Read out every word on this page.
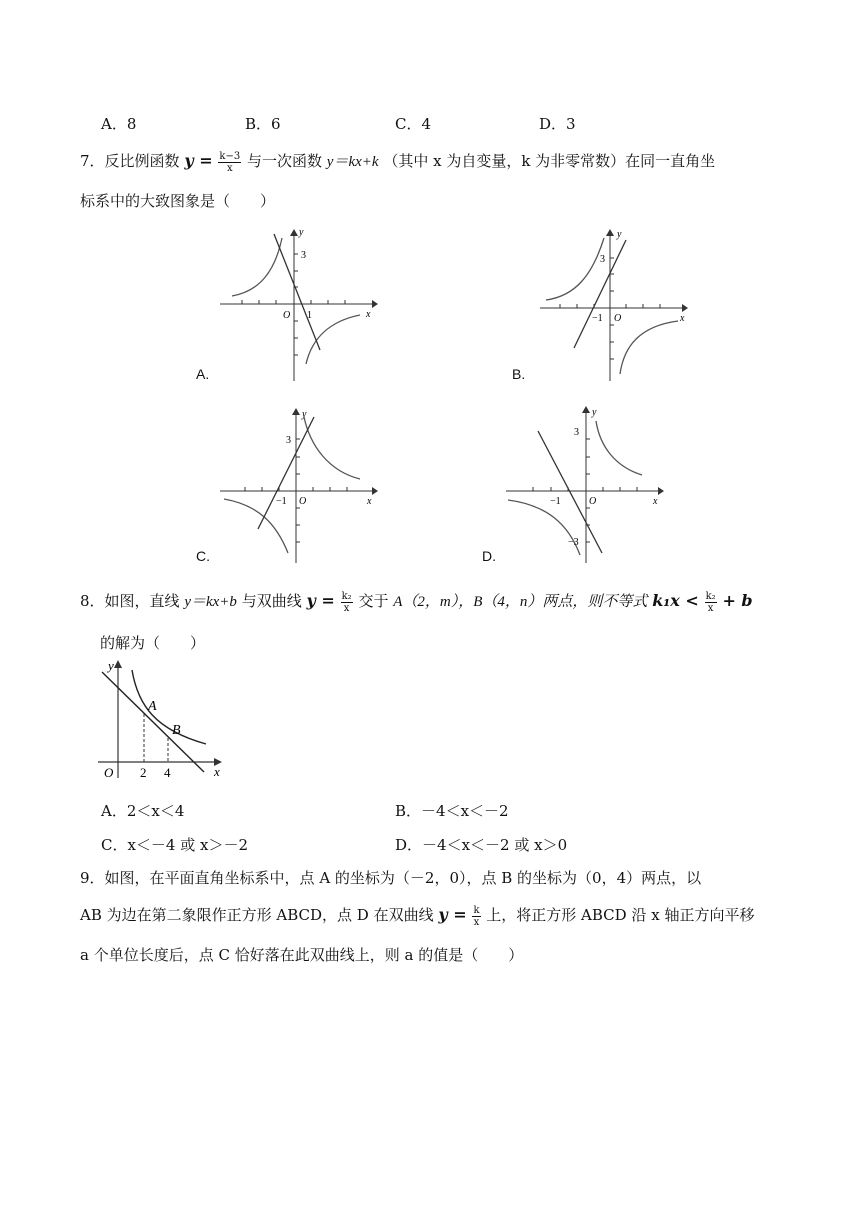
A．8	B．6	C．4	D．3
7．反比例函数 $y = \frac{k-3}{x}$ 与一次函数 y＝kx+k （其中 x 为自变量，k 为非零常数）在同一直角坐
标系中的大致图象是（　　）
A.
y
x
O
3
1
B.
y
x
O
3
−1
C.
y
x
O
3
−1
D.
y
x
O
3
−1
−3
8．如图，直线 y＝kx+b 与双曲线 $y = \frac{\text{k₂}}{x}$ 交于 A（2，m），B（4，n）两点，则不等式 $k_1x < \frac{\text{k₂}}{x} + b$
的解为（　　）
y
x
O
A
B
2 4
A．2＜x＜4	B．－4＜x＜－2
C．x＜－4 或 x＞－2	D．－4＜x＜－2 或 x＞0
9．如图，在平面直角坐标系中，点 A 的坐标为（－2，0），点 B 的坐标为（0，4）两点，以
AB 为边在第二象限作正方形 ABCD，点 D 在双曲线 $y = \frac{k}{x}$ 上，将正方形 ABCD 沿 x 轴正方向平移
a 个单位长度后，点 C 恰好落在此双曲线上，则 a 的值是（　　）
